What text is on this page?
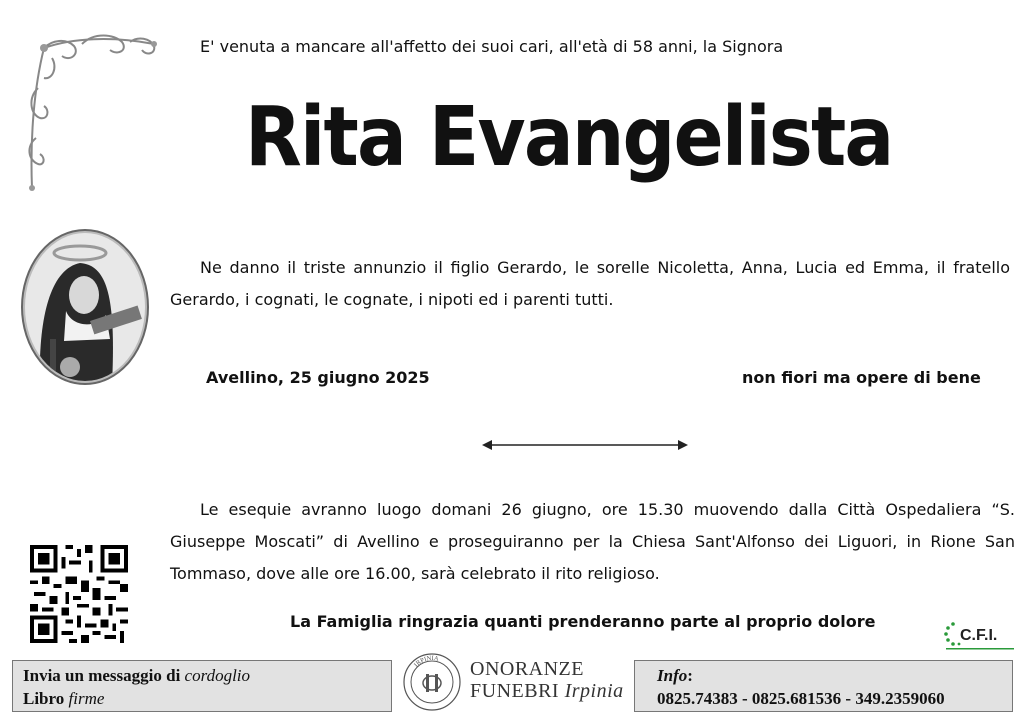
E' venuta a mancare all'affetto dei suoi cari, all'età di 58 anni, la Signora
Rita Evangelista
Ne danno il triste annunzio il figlio Gerardo, le sorelle Nicoletta, Anna, Lucia ed Emma, il fratello Gerardo, i cognati, le cognate, i nipoti ed i parenti tutti.
Avellino, 25 giugno 2025	non fiori ma opere di bene
Le esequie avranno luogo domani 26 giugno, ore 15.30 muovendo dalla Città Ospedaliera “S. Giuseppe Moscati” di Avellino e proseguiranno per la Chiesa Sant'Alfonso dei Liguori, in Rione San Tommaso, dove alle ore 16.00, sarà celebrato il rito religioso.
La Famiglia ringrazia quanti prenderanno parte al proprio dolore
C.F.I.
Invia un messaggio di cordoglio
Libro firme
IRPINIA ONORANZE
FUNEBRI Irpinia
Info:
0825.74383 - 0825.681536 - 349.2359060
